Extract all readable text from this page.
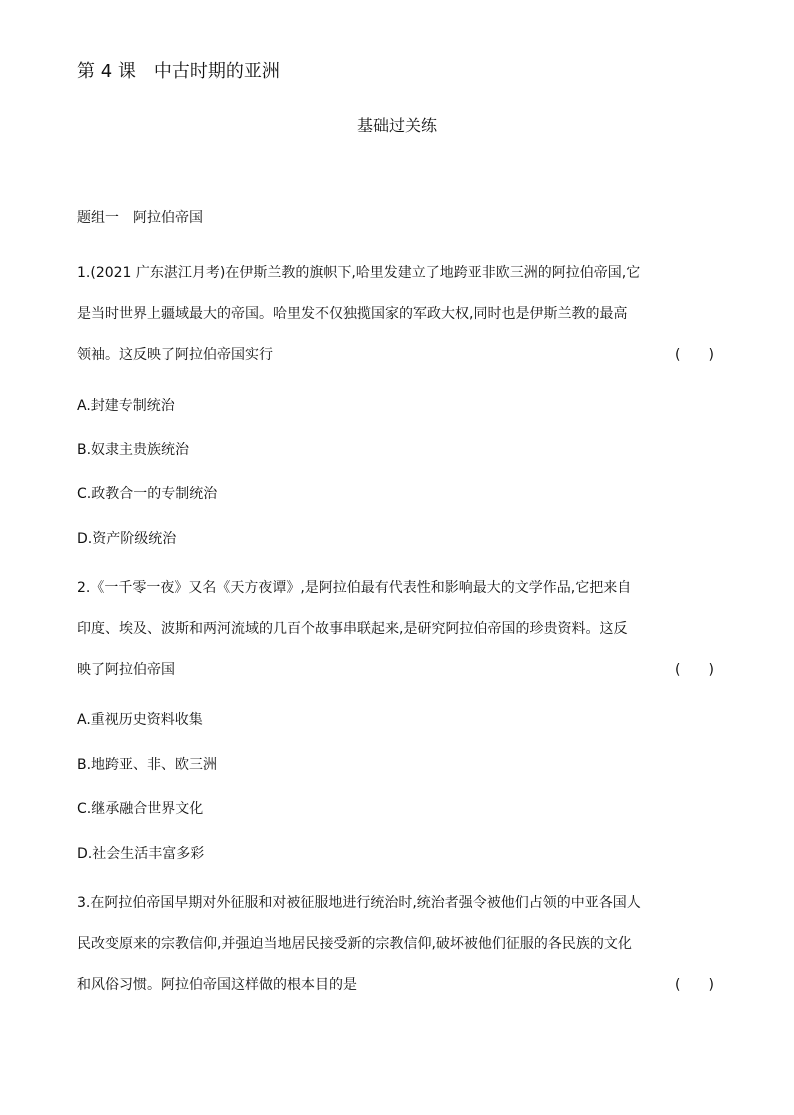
第 4 课　中古时期的亚洲
基础过关练
题组一　阿拉伯帝国
1.(2021 广东湛江月考)在伊斯兰教的旗帜下,哈里发建立了地跨亚非欧三洲的阿拉伯帝国,它
是当时世界上疆域最大的帝国。哈里发不仅独揽国家的军政大权,同时也是伊斯兰教的最高
领袖。这反映了阿拉伯帝国实行	(　　)
A.封建专制统治
B.奴隶主贵族统治
C.政教合一的专制统治
D.资产阶级统治
2.《一千零一夜》又名《天方夜谭》,是阿拉伯最有代表性和影响最大的文学作品,它把来自
印度、埃及、波斯和两河流域的几百个故事串联起来,是研究阿拉伯帝国的珍贵资料。这反
映了阿拉伯帝国	(　　)
A.重视历史资料收集
B.地跨亚、非、欧三洲
C.继承融合世界文化
D.社会生活丰富多彩
3.在阿拉伯帝国早期对外征服和对被征服地进行统治时,统治者强令被他们占领的中亚各国人
民改变原来的宗教信仰,并强迫当地居民接受新的宗教信仰,破坏被他们征服的各民族的文化
和风俗习惯。阿拉伯帝国这样做的根本目的是	(　　)
